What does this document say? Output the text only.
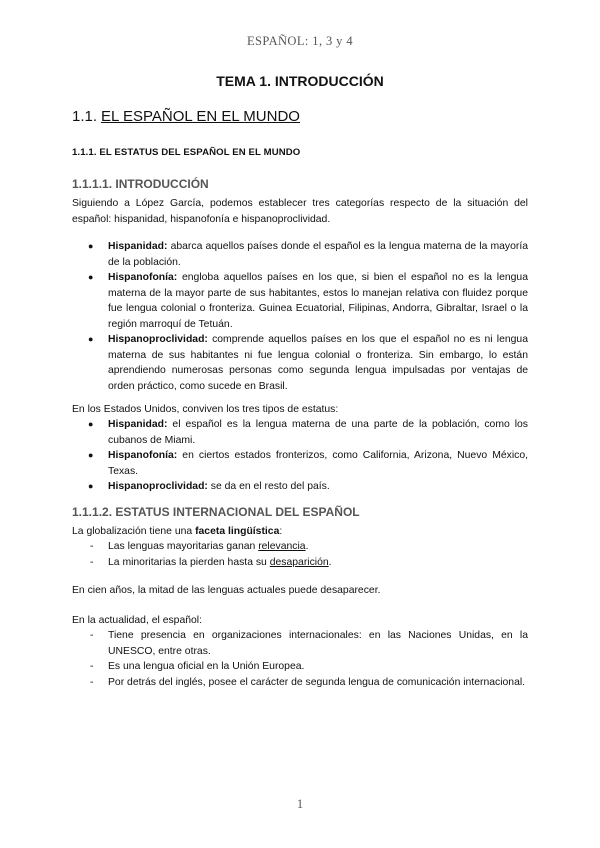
ESPAÑOL: 1, 3 y 4
TEMA 1. INTRODUCCIÓN
1.1. EL ESPAÑOL EN EL MUNDO
1.1.1. EL ESTATUS DEL ESPAÑOL EN EL MUNDO
1.1.1.1. INTRODUCCIÓN
Siguiendo a López García, podemos establecer tres categorías respecto de la situación del español: hispanidad, hispanofonía e hispanoproclividad.
● Hispanidad: abarca aquellos países donde el español es la lengua materna de la mayoría de la población.
● Hispanofonía: engloba aquellos países en los que, si bien el español no es la lengua materna de la mayor parte de sus habitantes, estos lo manejan relativa con fluidez porque fue lengua colonial o fronteriza. Guinea Ecuatorial, Filipinas, Andorra, Gibraltar, Israel o la región marroquí de Tetuán.
● Hispanoproclividad: comprende aquellos países en los que el español no es ni lengua materna de sus habitantes ni fue lengua colonial o fronteriza. Sin embargo, lo están aprendiendo numerosas personas como segunda lengua impulsadas por ventajas de orden práctico, como sucede en Brasil.
En los Estados Unidos, conviven los tres tipos de estatus:
● Hispanidad: el español es la lengua materna de una parte de la población, como los cubanos de Miami.
● Hispanofonía: en ciertos estados fronterizos, como California, Arizona, Nuevo México, Texas.
● Hispanoproclividad: se da en el resto del país.
1.1.1.2. ESTATUS INTERNACIONAL DEL ESPAÑOL
La globalización tiene una faceta lingüística:
- Las lenguas mayoritarias ganan relevancia.
- La minoritarias la pierden hasta su desaparición.
En cien años, la mitad de las lenguas actuales puede desaparecer.
En la actualidad, el español:
- Tiene presencia en organizaciones internacionales: en las Naciones Unidas, en la UNESCO, entre otras.
- Es una lengua oficial en la Unión Europea.
- Por detrás del inglés, posee el carácter de segunda lengua de comunicación internacional.
1
